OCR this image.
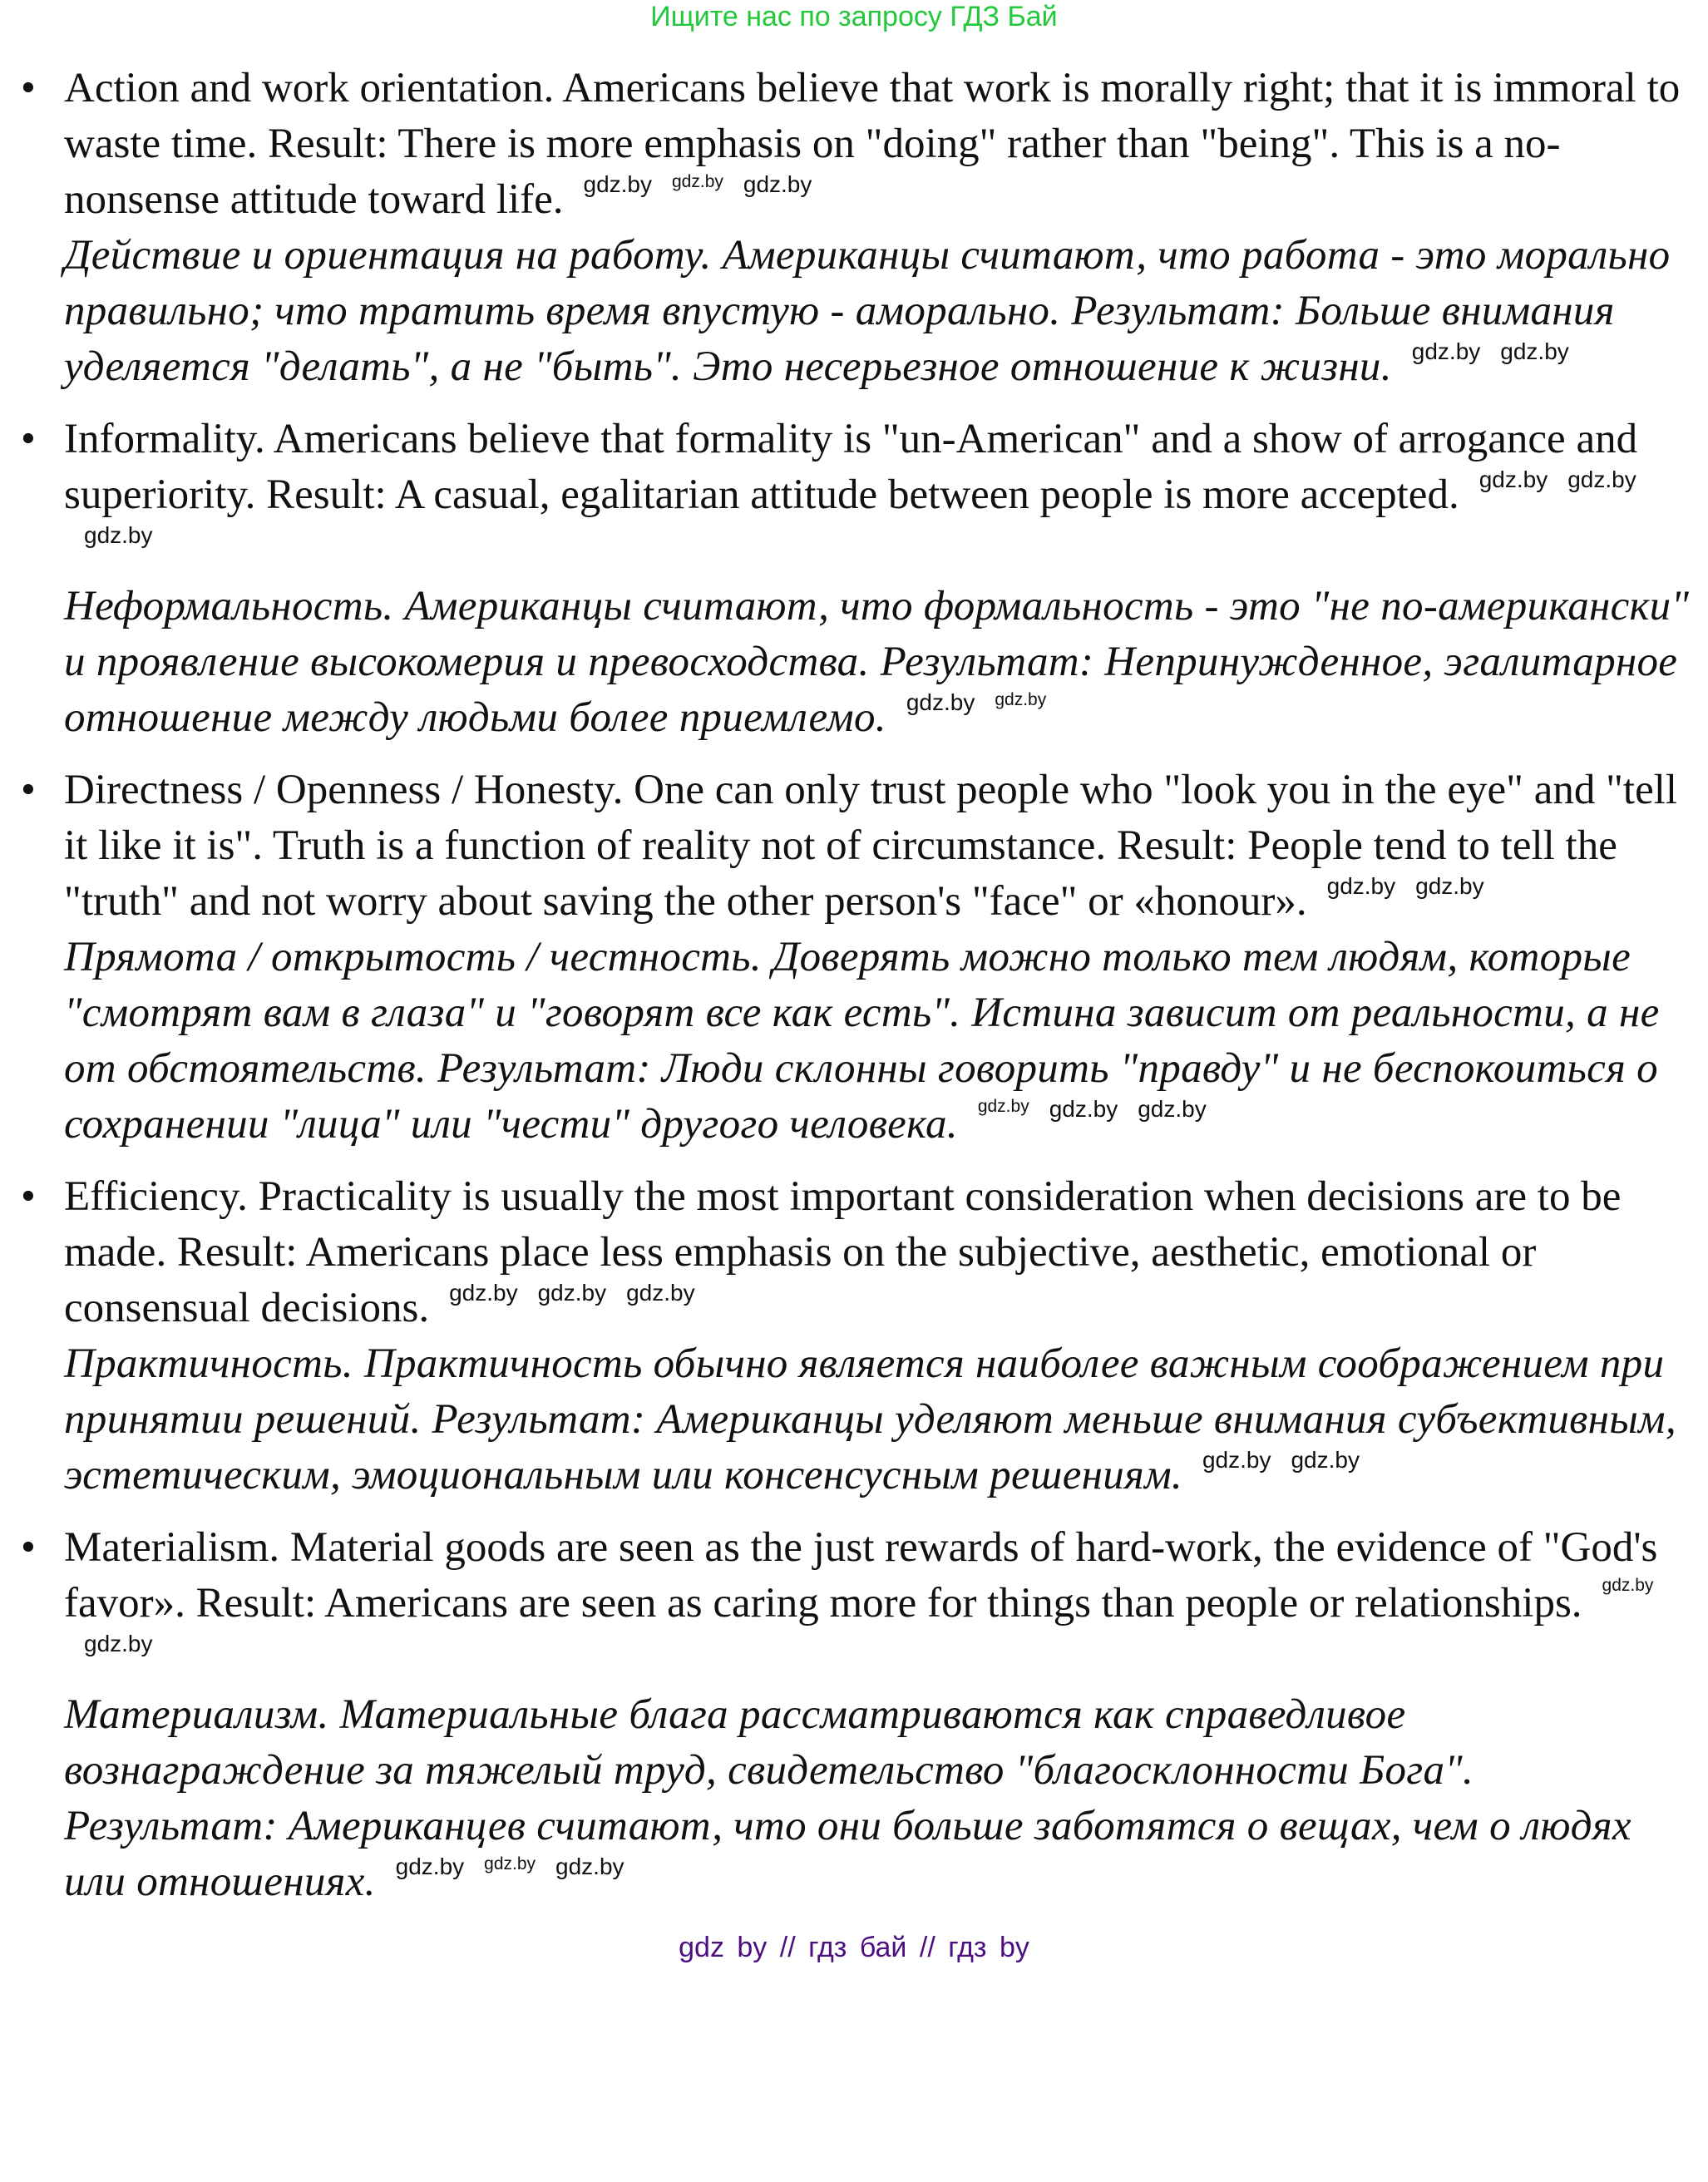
Ищите нас по запросу ГДЗ Бай
• Action and work orientation. Americans believe that work is morally right; that it is immoral to waste time. Result: There is more emphasis on "doing" rather than "being". This is a no-nonsense attitude toward life. gdz.by gdz.by gdz.by
Действие и ориентация на работу. Американцы считают, что работа - это морально правильно; что тратить время впустую - аморально. Результат: Больше внимания уделяется "делать", а не "быть". Это несерьезное отношение к жизни. gdz.by gdz.by
• Informality. Americans believe that formality is "un-American" and a show of arrogance and superiority. Result: A casual, egalitarian attitude between people is more accepted. gdz.by gdz.bygdz.by
Неформальность. Американцы считают, что формальность - это "не по-американски" и проявление высокомерия и превосходства. Результат: Непринужденное, эгалитарное отношение между людьми более приемлемо. gdz.by gdz.by
• Directness / Openness / Honesty. One can only trust people who "look you in the eye" and "tell it like it is". Truth is a function of reality not of circumstance. Result: People tend to tell the "truth" and not worry about saving the other person's "face" or «honour». gdz.by gdz.by
Прямота / открытость / честность. Доверять можно только тем людям, которые "смотрят вам в глаза" и "говорят все как есть". Истина зависит от реальности, а не от обстоятельств. Результат: Люди склонны говорить "правду" и не беспокоиться о сохранении "лица" или "чести" другого человека. gdz.by gdz.by gdz.by
• Efficiency. Practicality is usually the most important consideration when decisions are to be made. Result: Americans place less emphasis on the subjective, aesthetic, emotional or consensual decisions. gdz.by gdz.by gdz.by
Практичность. Практичность обычно является наиболее важным соображением при принятии решений. Результат: Американцы уделяют меньше внимания субъективным, эстетическим, эмоциональным или консенсусным решениям. gdz.by gdz.by
• Materialism. Material goods are seen as the just rewards of hard-work, the evidence of "God's favor». Result: Americans are seen as caring more for things than people or relationships. gdz.bygdz.by
Материализм. Материальные блага рассматриваются как справедливое вознаграждение за тяжелый труд, свидетельство "благосклонности Бога". Результат: Американцев считают, что они больше заботятся о вещах, чем о людях или отношениях. gdz.by gdz.by gdz.by
gdz by // гдз бай // гдз by
